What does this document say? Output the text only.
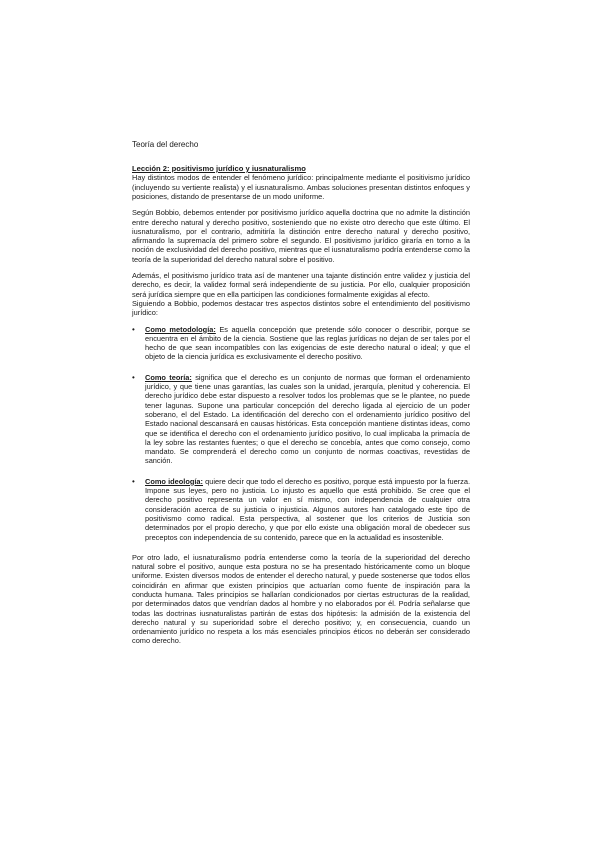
Teoría del derecho
Lección 2: positivismo jurídico y iusnaturalismo

Hay distintos modos de entender el fenómeno jurídico: principalmente mediante el positivismo jurídico (incluyendo su vertiente realista) y el iusnaturalismo. Ambas soluciones presentan distintos enfoques y posiciones, distando de presentarse de un modo uniforme.

Según Bobbio, debemos entender por positivismo jurídico aquella doctrina que no admite la distinción entre derecho natural y derecho positivo, sosteniendo que no existe otro derecho que este último. El iusnaturalismo, por el contrario, admitiría la distinción entre derecho natural y derecho positivo, afirmando la supremacía del primero sobre el segundo. El positivismo jurídico giraría en torno a la noción de exclusividad del derecho positivo, mientras que el iusnaturalismo podría entenderse como la teoría de la superioridad del derecho natural sobre el positivo.

Además, el positivismo jurídico trata así de mantener una tajante distinción entre validez y justicia del derecho, es decir, la validez formal será independiente de su justicia. Por ello, cualquier proposición será jurídica siempre que en ella participen las condiciones formalmente exigidas al efecto.

Siguiendo a Bobbio, podemos destacar tres aspectos distintos sobre el entendimiento del positivismo jurídico:

• Como metodología: Es aquella concepción que pretende sólo conocer o describir, porque se encuentra en el ámbito de la ciencia. Sostiene que las reglas jurídicas no dejan de ser tales por el hecho de que sean incompatibles con las exigencias de este derecho natural o ideal; y que el objeto de la ciencia jurídica es exclusivamente el derecho positivo.
• Como teoría: significa que el derecho es un conjunto de normas que forman el ordenamiento jurídico, y que tiene unas garantías, las cuales son la unidad, jerarquía, plenitud y coherencia. El derecho jurídico debe estar dispuesto a resolver todos los problemas que se le plantee, no puede tener lagunas. Supone una particular concepción del derecho ligada al ejercicio de un poder soberano, el del Estado. La identificación del derecho con el ordenamiento jurídico positivo del Estado nacional descansará en causas históricas. Esta concepción mantiene distintas ideas, como que se identifica el derecho con el ordenamiento jurídico positivo, lo cual implicaba la primacía de la ley sobre las restantes fuentes; o que el derecho se concebía, antes que como consejo, como mandato. Se comprenderá el derecho como un conjunto de normas coactivas, revestidas de sanción.
• Como ideología: quiere decir que todo el derecho es positivo, porque está impuesto por la fuerza. Impone sus leyes, pero no justicia. Lo injusto es aquello que está prohibido. Se cree que el derecho positivo representa un valor en sí mismo, con independencia de cualquier otra consideración acerca de su justicia o injusticia. Algunos autores han catalogado este tipo de positivismo como radical. Esta perspectiva, al sostener que los criterios de Justicia son determinados por el propio derecho, y que por ello existe una obligación moral de obedecer sus preceptos con independencia de su contenido, parece que en la actualidad es insostenible.

Por otro lado, el iusnaturalismo podría entenderse como la teoría de la superioridad del derecho natural sobre el positivo, aunque esta postura no se ha presentado históricamente como un bloque uniforme. Existen diversos modos de entender el derecho natural, y puede sostenerse que todos ellos coincidirán en afirmar que existen principios que actuarían como fuente de inspiración para la conducta humana. Tales principios se hallarían condicionados por ciertas estructuras de la realidad, por determinados datos que vendrían dados al hombre y no elaborados por él. Podría señalarse que todas las doctrinas iusnaturalistas partirán de estas dos hipótesis: la admisión de la existencia del derecho natural y su superioridad sobre el derecho positivo; y, en consecuencia, cuando un ordenamiento jurídico no respeta a los más esenciales principios éticos no deberán ser considerado como derecho.
